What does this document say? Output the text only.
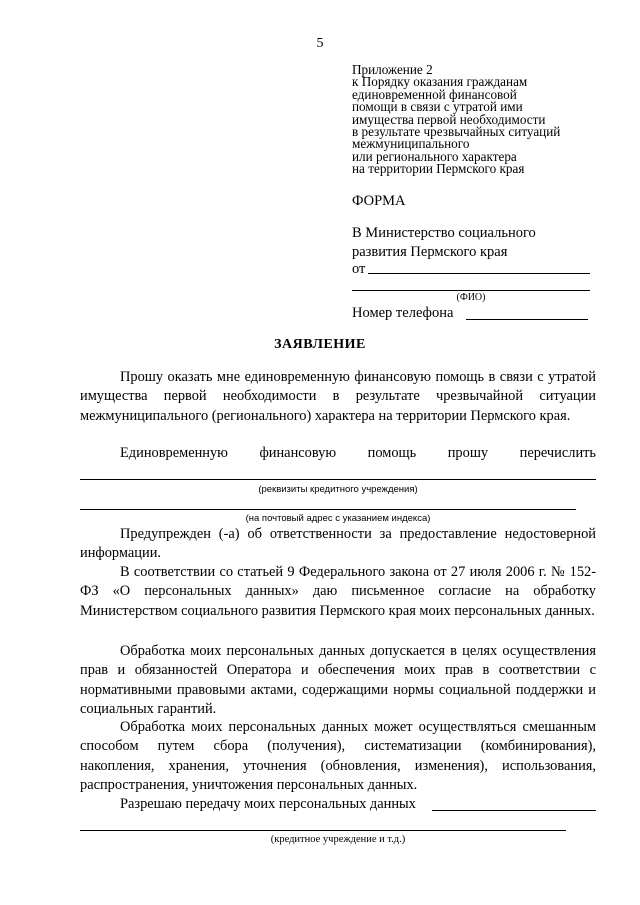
5
Приложение 2
к Порядку оказания гражданам
единовременной финансовой
помощи в связи с утратой ими
имущества первой необходимости
в результате чрезвычайных ситуаций
межмуниципального
или регионального характера
на территории Пермского края
ФОРМА
В Министерство социального
развития Пермского края
от
(ФИО)
Номер телефона
ЗАЯВЛЕНИЕ
Прошу оказать мне единовременную финансовую помощь в связи с утратой имущества первой необходимости в результате чрезвычайной ситуации межмуниципального (регионального) характера на территории Пермского края.
Единовременную финансовую помощь прошу перечислить
(реквизиты кредитного учреждения)
(на почтовый адрес с указанием индекса)
Предупрежден (-а) об ответственности за предоставление недостоверной информации.
В соответствии со статьей 9 Федерального закона от 27 июля 2006 г. № 152-ФЗ «О персональных данных» даю письменное согласие на обработку Министерством социального развития Пермского края моих персональных данных.
Обработка моих персональных данных допускается в целях осуществления прав и обязанностей Оператора и обеспечения моих прав в соответствии с нормативными правовыми актами, содержащими нормы социальной поддержки и социальных гарантий.
Обработка моих персональных данных может осуществляться смешанным способом путем сбора (получения), систематизации (комбинирования), накопления, хранения, уточнения (обновления, изменения), использования, распространения, уничтожения персональных данных.
Разрешаю передачу моих персональных данных
(кредитное учреждение и т.д.)
